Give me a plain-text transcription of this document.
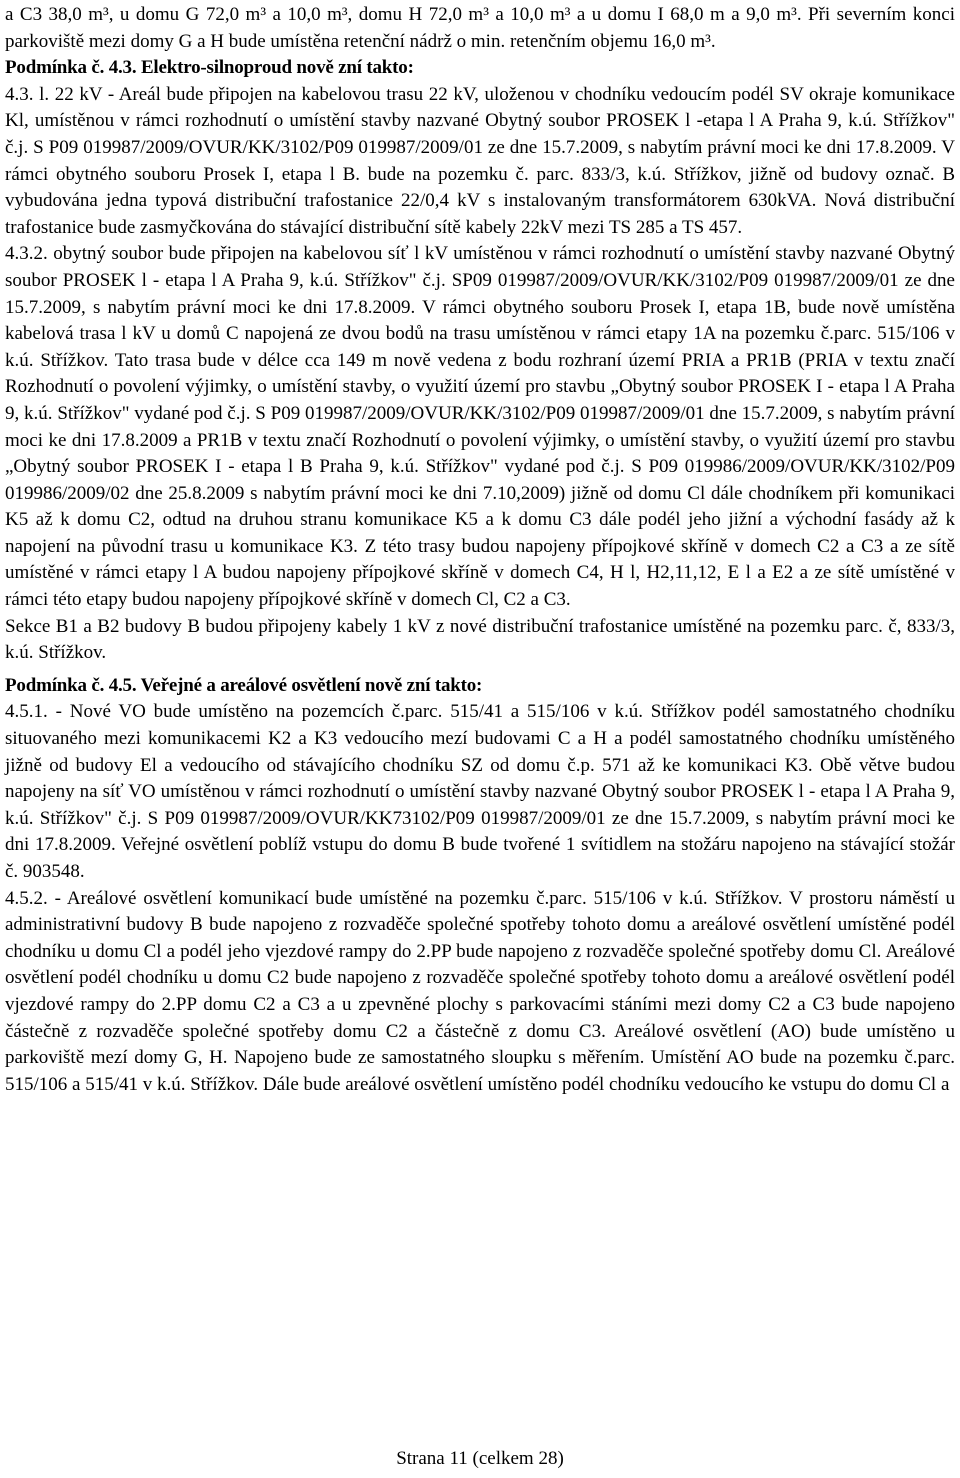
a C3 38,0 m³, u domu G 72,0 m³ a 10,0 m³, domu H 72,0 m³ a 10,0 m³ a u domu I 68,0 m a 9,0 m³. Při severním konci parkoviště mezi domy G a H bude umístěna retenční nádrž o min. retenčním objemu 16,0 m³.

Podmínka č. 4.3. Elektro-silnoproud nově zní takto:

4.3. l. 22 kV - Areál bude připojen na kabelovou trasu 22 kV, uloženou v chodníku vedoucím podél SV okraje komunikace Kl, umístěnou v rámci rozhodnutí o umístění stavby nazvané Obytný soubor PROSEK l -etapa l A Praha 9, k.ú. Střížkov" č.j. S P09 019987/2009/OVUR/KK/3102/P09 019987/2009/01 ze dne 15.7.2009, s nabytím právní moci ke dni 17.8.2009. V rámci obytného souboru Prosek I, etapa l B. bude na pozemku č. parc. 833/3, k.ú. Střížkov, jižně od budovy označ. B vybudována jedna typová distribuční trafostanice 22/0,4 kV s instalovaným transformátorem 630kVA. Nová distribuční trafostanice bude zasmyčkována do stávající distribuční sítě kabely 22kV mezi TS 285 a TS 457.

4.3.2. obytný soubor bude připojen na kabelovou síť l kV umístěnou v rámci rozhodnutí o umístění stavby nazvané Obytný soubor PROSEK l - etapa l A Praha 9, k.ú. Střížkov" č.j. SP09 019987/2009/OVUR/KK/3102/P09 019987/2009/01 ze dne 15.7.2009, s nabytím právní moci ke dni 17.8.2009. V rámci obytného souboru Prosek I, etapa 1B, bude nově umístěna kabelová trasa l kV u domů C napojená ze dvou bodů na trasu umístěnou v rámci etapy 1A na pozemku č.parc. 515/106 v k.ú. Střížkov. Tato trasa bude v délce cca 149 m nově vedena z bodu rozhraní území PRIA a PR1B (PRIA v textu značí Rozhodnutí o povolení výjimky, o umístění stavby, o využití území pro stavbu „Obytný soubor PROSEK I - etapa l A Praha 9, k.ú. Střížkov" vydané pod č.j. S P09 019987/2009/OVUR/KK/3102/P09 019987/2009/01 dne 15.7.2009, s nabytím právní moci ke dni 17.8.2009 a PR1B v textu značí Rozhodnutí o povolení výjimky, o umístění stavby, o využití území pro stavbu „Obytný soubor PROSEK I - etapa l B Praha 9, k.ú. Střížkov" vydané pod č.j. S P09 019986/2009/OVUR/KK/3102/P09 019986/2009/02 dne 25.8.2009 s nabytím právní moci ke dni 7.10,2009) jižně od domu Cl dále chodníkem při komunikaci K5 až k domu C2, odtud na druhou stranu komunikace K5 a k domu C3 dále podél jeho jižní a východní fasády až k napojení na původní trasu u komunikace K3. Z této trasy budou napojeny přípojkové skříně v domech C2 a C3 a ze sítě umístěné v rámci etapy l A budou napojeny přípojkové skříně v domech C4, H l, H2,11,12, E l a E2 a ze sítě umístěné v rámci této etapy budou napojeny přípojkové skříně v domech Cl, C2 a C3.

Sekce B1 a B2 budovy B budou připojeny kabely 1 kV z nové distribuční trafostanice umístěné na pozemku parc. č, 833/3, k.ú. Střížkov.

Podmínka č. 4.5. Veřejné a areálové osvětlení nově zní takto:

4.5.1. - Nové VO bude umístěno na pozemcích č.parc. 515/41 a 515/106 v k.ú. Střížkov podél samostatného chodníku situovaného mezi komunikacemi K2 a K3 vedoucího mezí budovami C a H a podél samostatného chodníku umístěného jižně od budovy El a vedoucího od stávajícího chodníku SZ od domu č.p. 571 až ke komunikaci K3. Obě větve budou napojeny na síť VO umístěnou v rámci rozhodnutí o umístění stavby nazvané Obytný soubor PROSEK l - etapa l A Praha 9, k.ú. Střížkov" č.j. S P09 019987/2009/OVUR/KK73102/P09 019987/2009/01 ze dne 15.7.2009, s nabytím právní moci ke dni 17.8.2009. Veřejné osvětlení poblíž vstupu do domu B bude tvořené 1 svítidlem na stožáru napojeno na stávající stožár č. 903548.

4.5.2. - Areálové osvětlení komunikací bude umístěné na pozemku č.parc. 515/106 v k.ú. Střížkov. V prostoru náměstí u administrativní budovy B bude napojeno z rozvaděče společné spotřeby tohoto domu a areálové osvětlení umístěné podél chodníku u domu Cl a podél jeho vjezdové rampy do 2.PP bude napojeno z rozvaděče společné spotřeby domu Cl. Areálové osvětlení podél chodníku u domu C2 bude napojeno z rozvaděče společné spotřeby tohoto domu a areálové osvětlení podél vjezdové rampy do 2.PP domu C2 a C3 a u zpevněné plochy s parkovacími stáními mezi domy C2 a C3 bude napojeno částečně z rozvaděče společné spotřeby domu C2 a částečně z domu C3. Areálové osvětlení (AO) bude umístěno u parkoviště mezí domy G, H. Napojeno bude ze samostatného sloupku s měřením. Umístění AO bude na pozemku č.parc. 515/106 a 515/41 v k.ú. Střížkov. Dále bude areálové osvětlení umístěno podél chodníku vedoucího ke vstupu do domu Cl a

Strana 11 (celkem 28)
